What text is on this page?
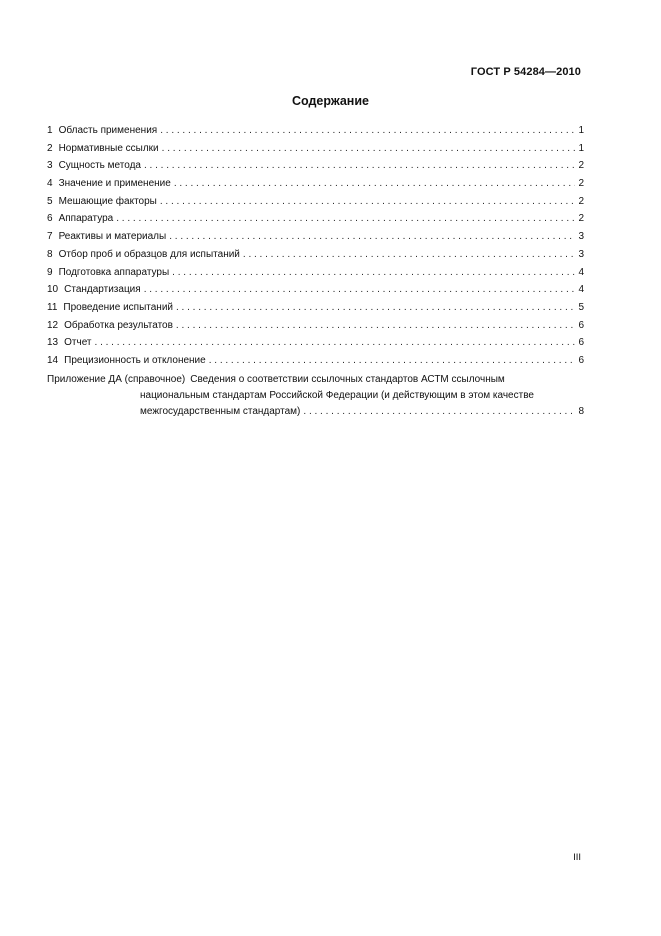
ГОСТ Р 54284—2010
Содержание
1 Область применения . . .	1
2 Нормативные ссылки . . .	1
3 Сущность метода . . .	2
4 Значение и применение . . .	2
5 Мешающие факторы . . .	2
6 Аппаратура . . .	2
7 Реактивы и материалы . . .	3
8 Отбор проб и образцов для испытаний . . .	3
9 Подготовка аппаратуры . . .	4
10 Стандартизация . . .	4
11 Проведение испытаний . . .	5
12 Обработка результатов . . .	6
13 Отчет . . .	6
14 Прецизионность и отклонение . . .	6
Приложение ДА (справочное) Сведения о соответствии ссылочных стандартов АСТМ ссылочным
национальным стандартам Российской Федерации (и действующим в этом качестве
межгосударственным стандартам) . . .	8
III
